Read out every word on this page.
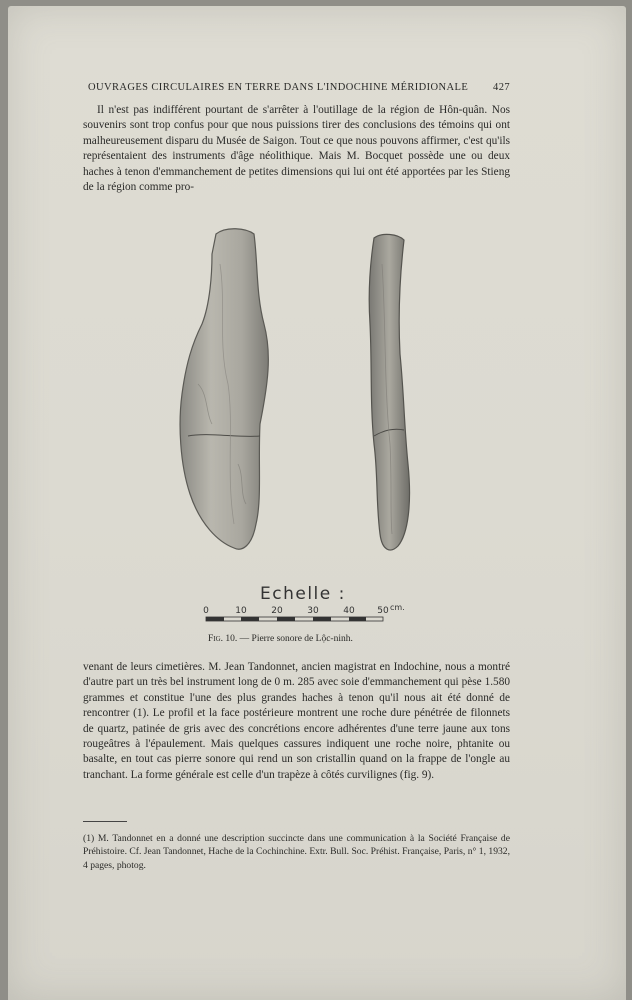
OUVRAGES CIRCULAIRES EN TERRE DANS L'INDOCHINE MÉRIDIONALE 427

Il n'est pas indifférent pourtant de s'arrêter à l'outillage de la région de Hôn-quân. Nos souvenirs sont trop confus pour que nous puissions tirer des conclusions des témoins qui ont malheureusement disparu du Musée de Saigon. Tout ce que nous pouvons affirmer, c'est qu'ils représentaient des instruments d'âge néolithique. Mais M. Bocquet possède une ou deux haches à tenon d'emmanchement de petites dimensions qui lui ont été apportées par les Stieng de la région comme pro-

Echelle :
0	10	20	30	40	50 cm.
Fig. 10. — Pierre sonore de Lộc-ninh.

venant de leurs cimetières. M. Jean Tandonnet, ancien magistrat en Indochine, nous a montré d'autre part un très bel instrument long de 0 m. 285 avec soie d'emmanchement qui pèse 1.580 grammes et constitue l'une des plus grandes haches à tenon qu'il nous ait été donné de rencontrer (1). Le profil et la face postérieure montrent une roche dure pénétrée de filonnets de quartz, patinée de gris avec des concrétions encore adhérentes d'une terre jaune aux tons rougeâtres à l'épaulement. Mais quelques cassures indiquent une roche noire, phtanite ou basalte, en tout cas pierre sonore qui rend un son cristallin quand on la frappe de l'ongle au tranchant. La forme générale est celle d'un trapèze à côtés curvilignes (fig. 9).

(1) M. Tandonnet en a donné une description succincte dans une communication à la Société Française de Préhistoire. Cf. Jean Tandonnet, Hache de la Cochinchine. Extr. Bull. Soc. Préhist. Française, Paris, n° 1, 1932, 4 pages, photog.
